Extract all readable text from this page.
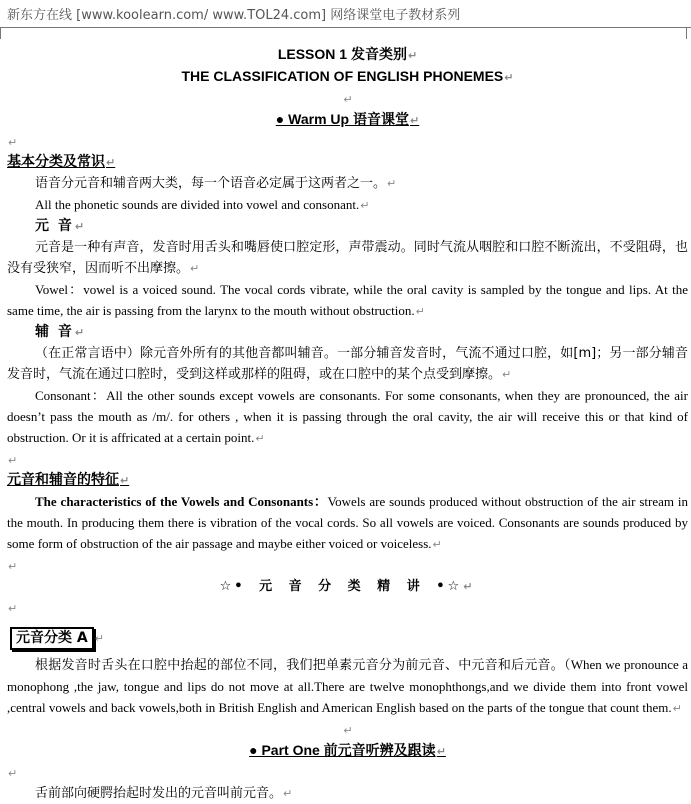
新东方在线 [www.koolearn.com/ www.TOL24.com] 网络课堂电子教材系列
LESSON 1 发音类别↵
THE CLASSIFICATION OF ENGLISH PHONEMES↵
↵
● Warm Up 语音课堂↵
↵
基本分类及常识↵

语音分元音和辅音两大类，每一个语音必定属于这两者之一。↵

All the phonetic sounds are divided into vowel and consonant.↵

元 音↵

元音是一种有声音，发音时用舌头和嘴唇使口腔定形，声带震动。同时气流从咽腔和口腔不断流出，不受阻碍，也没有受狭窄，因而听不出摩擦。↵

Vowel：vowel is a voiced sound. The vocal cords vibrate, while the oral cavity is sampled by the tongue and lips. At the same time, the air is passing from the larynx to the mouth without obstruction.↵

辅 音↵

（在正常言语中）除元音外所有的其他音都叫辅音。一部分辅音发音时，气流不通过口腔，如[m]；另一部分辅音发音时，气流在通过口腔时，受到这样或那样的阻碍，或在口腔中的某个点受到摩擦。↵

Consonant：All the other sounds except vowels are consonants. For some consonants, when they are pronounced, the air doesn’t pass the mouth as /m/. for others , when it is passing through the oral cavity, the air will receive this or that kind of obstruction. Or it is affricated at a certain point.↵

↵
元音和辅音的特征↵

The characteristics of the Vowels and Consonants：Vowels are sounds produced without obstruction of the air stream in the mouth. In producing them there is vibration of the vocal cords. So all vowels are voiced. Consonants are sounds produced by some form of obstruction of the air passage and maybe either voiced or voiceless.↵

↵
☆• 元 音 分 类 精 讲 •☆↵
↵
元音分类 A ↵

根据发音时舌头在口腔中抬起的部位不同，我们把单素元音分为前元音、中元音和后元音。（When we pronounce a monophong ,the jaw, tongue and lips do not move at all.There are twelve monophthongs,and we divide them into front vowel ,central vowels and back vowels,both in British English and American English based on the parts of the tongue that count them.↵

↵
● Part One 前元音听辨及跟读↵
↵

舌前部向硬腭抬起时发出的元音叫前元音。↵
